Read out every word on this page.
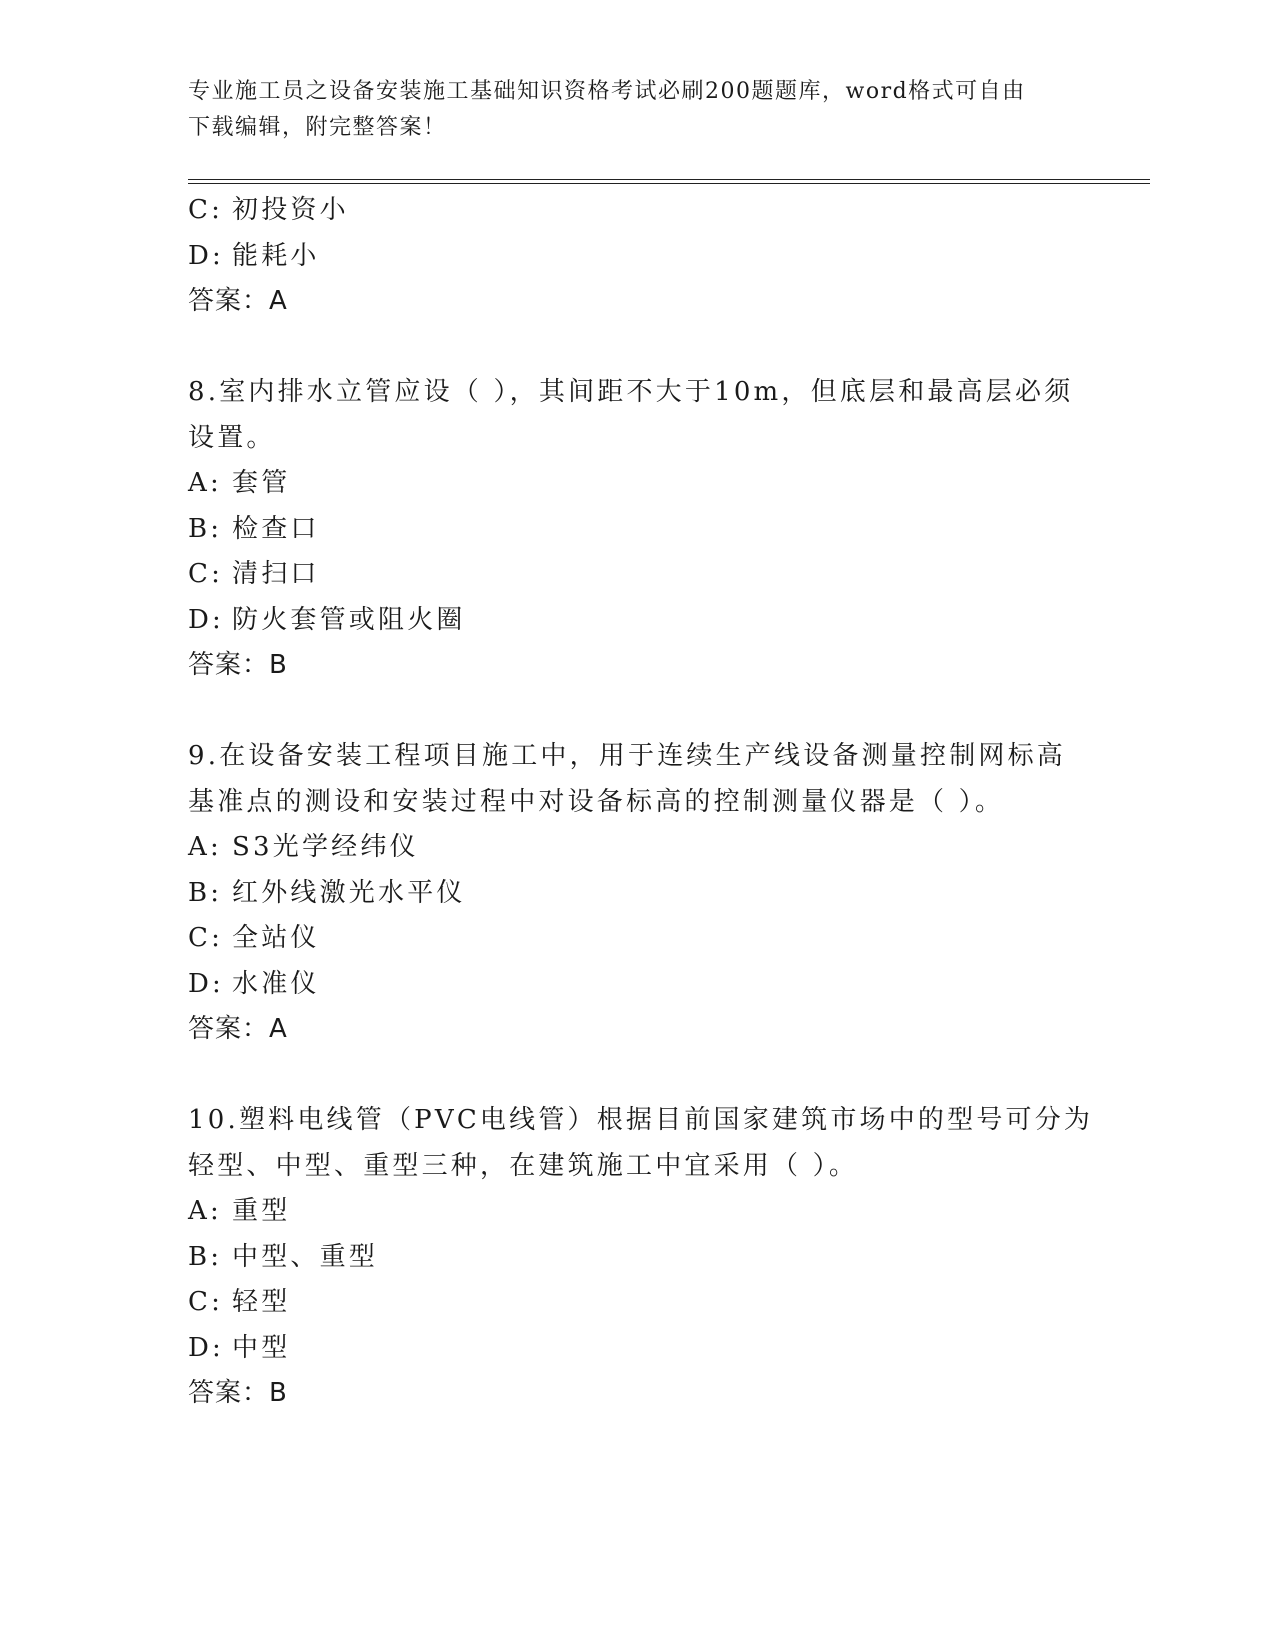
专业施工员之设备安装施工基础知识资格考试必刷200题题库，word格式可自由
下载编辑，附完整答案！
C: 初投资小
D: 能耗小
答案：A
8.室内排水立管应设（ ），其间距不大于10m，但底层和最高层必须
设置。
A: 套管
B: 检查口
C: 清扫口
D: 防火套管或阻火圈
答案：B
9.在设备安装工程项目施工中，用于连续生产线设备测量控制网标高
基准点的测设和安装过程中对设备标高的控制测量仪器是（ ）。
A: S3光学经纬仪
B: 红外线激光水平仪
C: 全站仪
D: 水准仪
答案：A
10.塑料电线管（PVC电线管）根据目前国家建筑市场中的型号可分为
轻型、中型、重型三种，在建筑施工中宜采用（ ）。
A: 重型
B: 中型、重型
C: 轻型
D: 中型
答案：B
